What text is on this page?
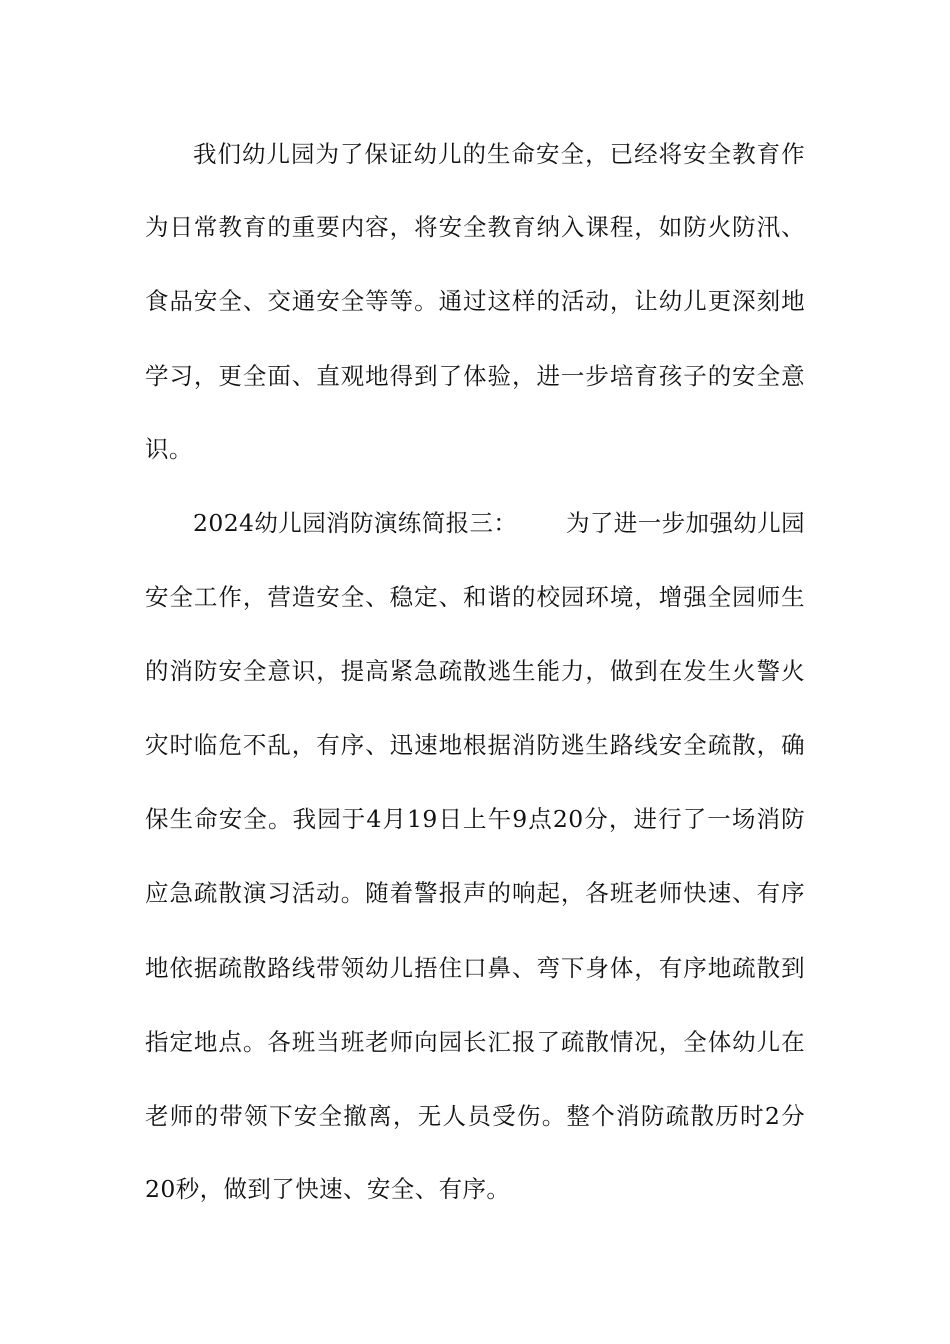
我们幼儿园为了保证幼儿的生命安全，已经将安全教育作
为日常教育的重要内容，将安全教育纳入课程，如防火防汛、
食品安全、交通安全等等。通过这样的活动，让幼儿更深刻地
学习，更全面、直观地得到了体验，进一步培育孩子的安全意
识。
2024幼儿园消防演练简报三： 为了进一步加强幼儿园
安全工作，营造安全、稳定、和谐的校园环境，增强全园师生
的消防安全意识，提高紧急疏散逃生能力，做到在发生火警火
灾时临危不乱，有序、迅速地根据消防逃生路线安全疏散，确
保生命安全。我园于4月19日上午9点20分，进行了一场消防
应急疏散演习活动。随着警报声的响起，各班老师快速、有序
地依据疏散路线带领幼儿捂住口鼻、弯下身体，有序地疏散到
指定地点。各班当班老师向园长汇报了疏散情况，全体幼儿在
老师的带领下安全撤离，无人员受伤。整个消防疏散历时2分
20秒，做到了快速、安全、有序。
